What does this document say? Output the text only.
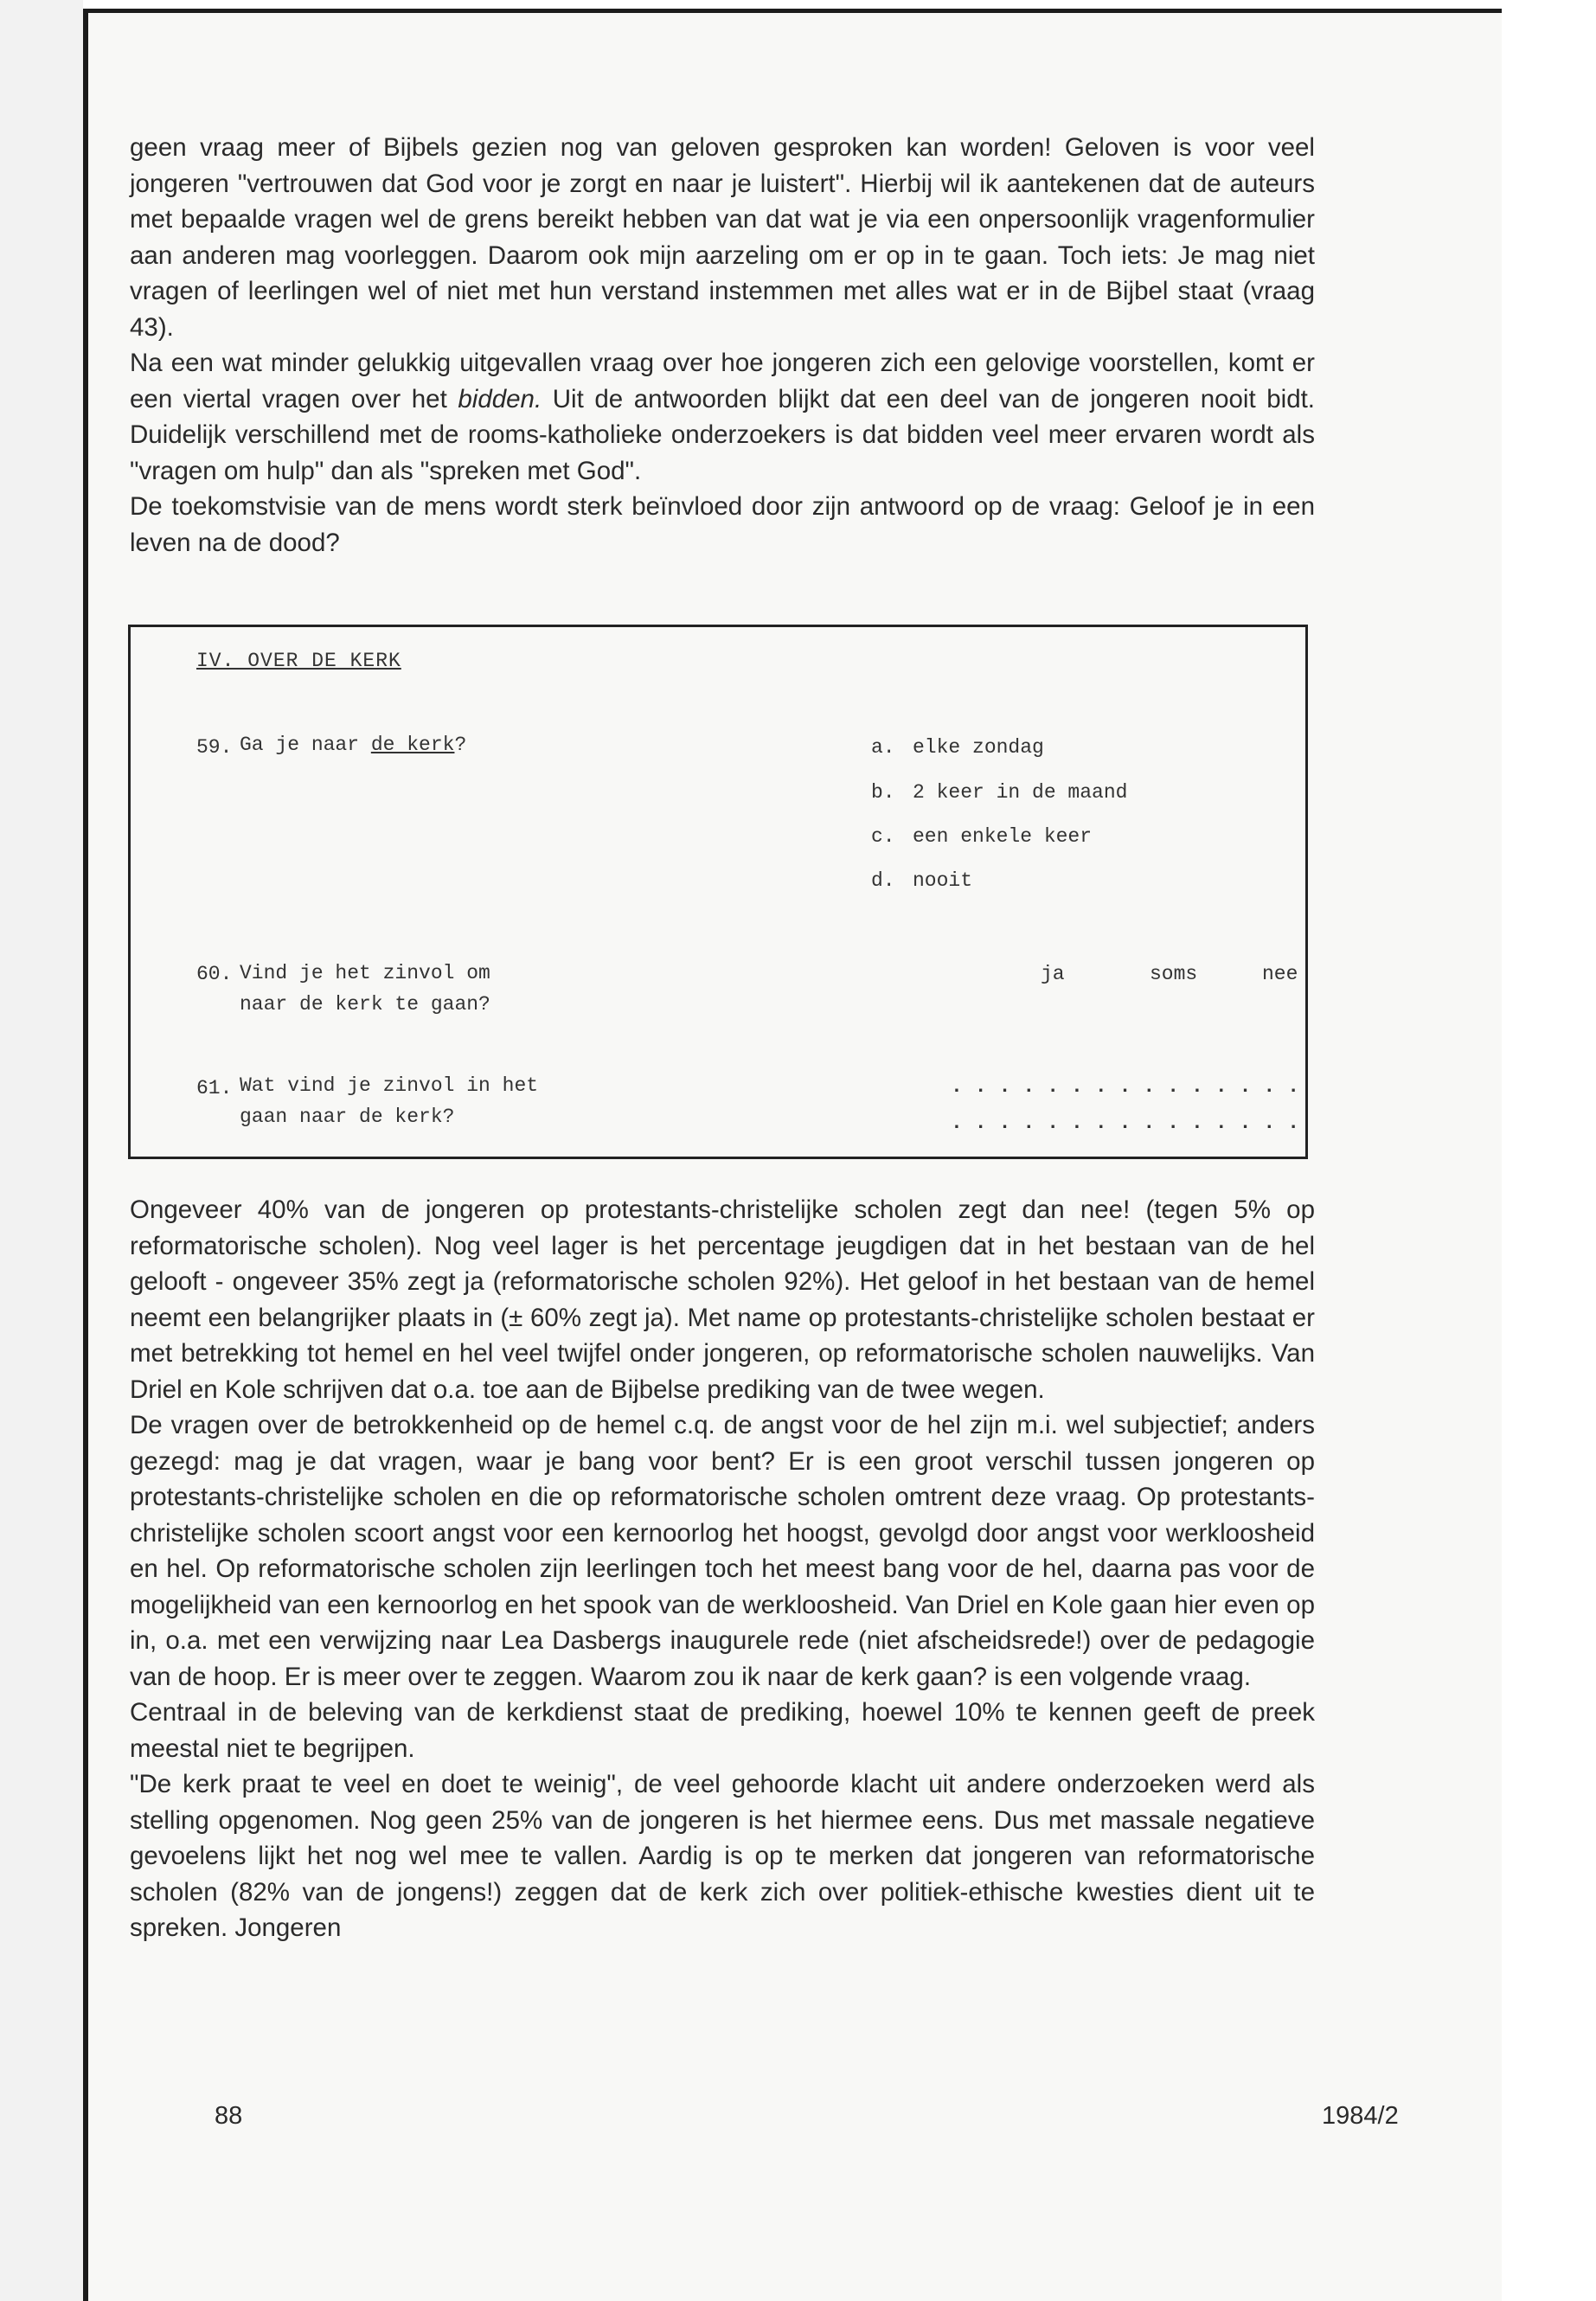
geen vraag meer of Bijbels gezien nog van geloven gesproken kan worden! Geloven is voor veel jongeren "vertrouwen dat God voor je zorgt en naar je luistert". Hierbij wil ik aantekenen dat de auteurs met bepaalde vragen wel de grens bereikt hebben van dat wat je via een onpersoonlijk vragenformulier aan anderen mag voorleggen. Daarom ook mijn aarzeling om er op in te gaan. Toch iets: Je mag niet vragen of leerlingen wel of niet met hun verstand instemmen met alles wat er in de Bijbel staat (vraag 43).

Na een wat minder gelukkig uitgevallen vraag over hoe jongeren zich een gelovige voorstellen, komt er een viertal vragen over het bidden. Uit de antwoorden blijkt dat een deel van de jongeren nooit bidt. Duidelijk verschillend met de rooms-katholieke onderzoekers is dat bidden veel meer ervaren wordt als "vragen om hulp" dan als "spreken met God".

De toekomstvisie van de mens wordt sterk beïnvloed door zijn antwoord op de vraag: Geloof je in een leven na de dood?

IV. OVER DE KERK
59. Ga je naar de kerk?	a. elke zondag
b. 2 keer in de maand
c. een enkele keer
d. nooit
60. Vind je het zinvol om
naar de kerk te gaan?
ja	soms	nee
61. Wat vind je zinvol in het
gaan naar de kerk?
...............
...............

Ongeveer 40% van de jongeren op protestants-christelijke scholen zegt dan nee! (tegen 5% op reformatorische scholen). Nog veel lager is het percentage jeugdigen dat in het bestaan van de hel gelooft - ongeveer 35% zegt ja (reformatorische scholen 92%). Het geloof in het bestaan van de hemel neemt een belangrijker plaats in (± 60% zegt ja). Met name op protestants-christelijke scholen bestaat er met betrekking tot hemel en hel veel twijfel onder jongeren, op reformatorische scholen nauwelijks. Van Driel en Kole schrijven dat o.a. toe aan de Bijbelse prediking van de twee wegen.

De vragen over de betrokkenheid op de hemel c.q. de angst voor de hel zijn m.i. wel subjectief; anders gezegd: mag je dat vragen, waar je bang voor bent? Er is een groot verschil tussen jongeren op protestants-christelijke scholen en die op reformatorische scholen omtrent deze vraag. Op protestants-christelijke scholen scoort angst voor een kernoorlog het hoogst, gevolgd door angst voor werkloosheid en hel. Op reformatorische scholen zijn leerlingen toch het meest bang voor de hel, daarna pas voor de mogelijkheid van een kernoorlog en het spook van de werkloosheid. Van Driel en Kole gaan hier even op in, o.a. met een verwijzing naar Lea Dasbergs inaugurele rede (niet afscheidsrede!) over de pedagogie van de hoop. Er is meer over te zeggen. Waarom zou ik naar de kerk gaan? is een volgende vraag.

Centraal in de beleving van de kerkdienst staat de prediking, hoewel 10% te kennen geeft de preek meestal niet te begrijpen.

"De kerk praat te veel en doet te weinig", de veel gehoorde klacht uit andere onderzoeken werd als stelling opgenomen. Nog geen 25% van de jongeren is het hiermee eens. Dus met massale negatieve gevoelens lijkt het nog wel mee te vallen. Aardig is op te merken dat jongeren van reformatorische scholen (82% van de jongens!) zeggen dat de kerk zich over politiek-ethische kwesties dient uit te spreken. Jongeren

88	1984/2
